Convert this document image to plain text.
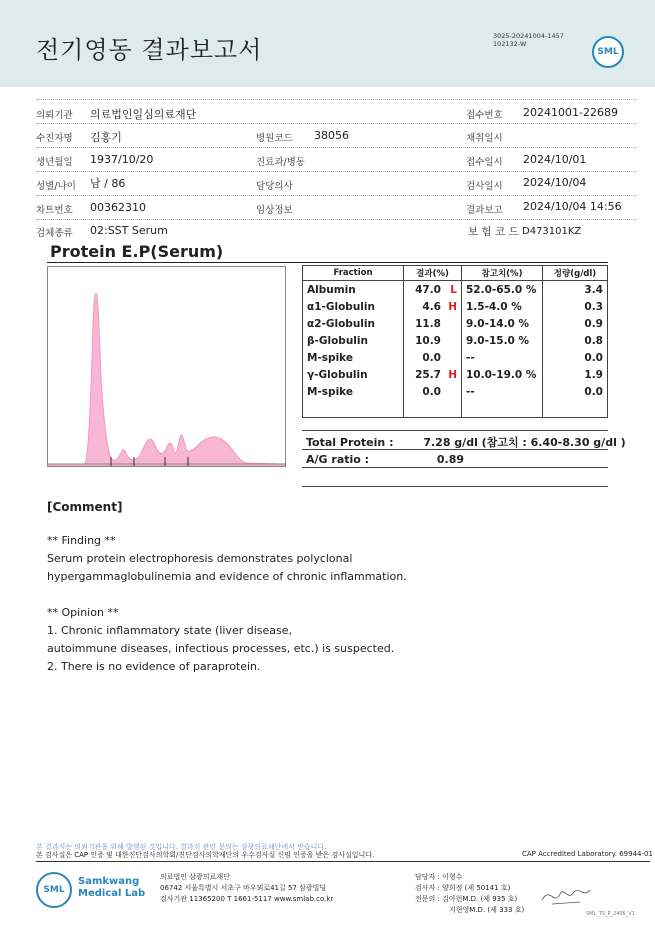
전기영동 결과보고서	3025-20241004-1457
102132-W
SML
의뢰기관 의료법인일심의료재단	접수번호 20241001-22689
수진자명 김홍기	병원코드 38056	채취일시
생년월일 1937/10/20	진료과/병동	접수일시 2024/10/01
성별/나이 남 / 86	담당의사	검사일시 2024/10/04
차트번호 00362310	임상정보	결과보고 2024/10/04 14:56
검체종류 02:SST Serum	보 험 코 드 D473101KZ
Protein E.P(Serum)
Fraction	결과(%)	참고치(%)	정량(g/dl)
Albumin	47.0 L	52.0-65.0 %	3.4
α1-Globulin	4.6 H	1.5-4.0 %	0.3
α2-Globulin	11.8	9.0-14.0 %	0.9
β-Globulin	10.9	9.0-15.0 %	0.8
M-spike	0.0	--	0.0
γ-Globulin	25.7 H	10.0-19.0 %	1.9
M-spike	0.0	--	0.0

Total Protein :	7.28 g/dl (참고치 : 6.40-8.30 g/dl )
A/G ratio :	0.89
[Comment]
** Finding **
Serum protein electrophoresis demonstrates polyclonal
hypergammaglobulinemia and evidence of chronic inflammation.
** Opinion **
1. Chronic inflammatory state (liver disease,
autoimmune diseases, infectious processes, etc.) is suspected.
2. There is no evidence of paraprotein.
본 결과지는 의뢰기관을 위해 발행된 것입니다. 결과지 관련 문의는 삼광의료재단에서 받습니다.
본 검사실은 CAP 인증 및 대한진단검사의학회/진단검사의학재단의 우수검사실 신임 인증을 받은 검사실입니다.	CAP Accredited Laboratory. 69944-01
SML
Samkwang
Medical Lab
의료법인 삼광의료재단
06742 서울특별시 서초구 바우뫼로41길 57 삼광빌딩
검사기관 11365200 T 1661-5117 www.smlab.co.kr
담당자 : 이형수
검사자 : 양희정 (제 50141 호)
전문의 : 김아현M.D. (제 935 호)
지현영M.D. (제 333 호)	SML_TS_P_2406_V1
